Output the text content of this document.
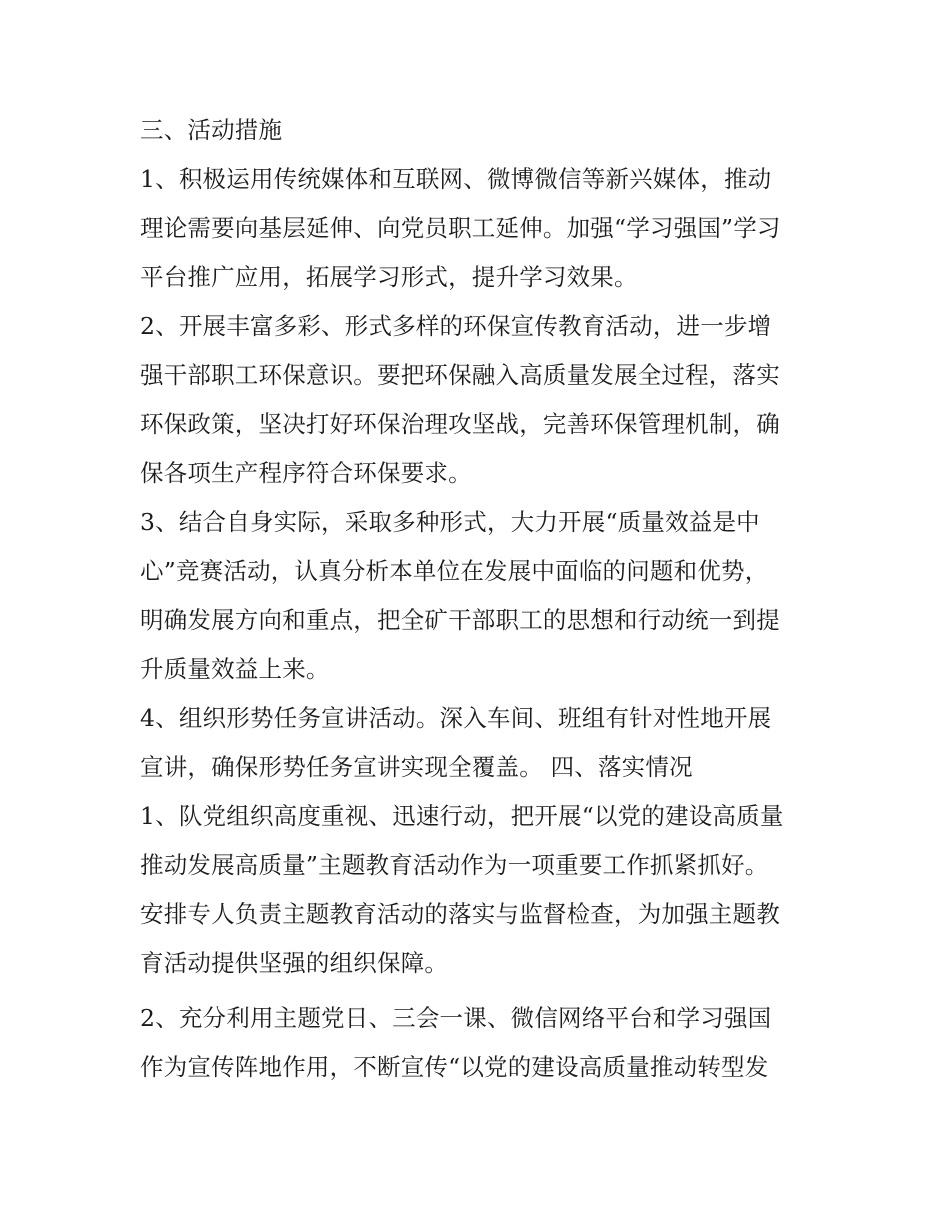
三、活动措施
1、积极运用传统媒体和互联网、微博微信等新兴媒体，推动
理论需要向基层延伸、向党员职工延伸。加强“学习强国”学习
平台推广应用，拓展学习形式，提升学习效果。
2、开展丰富多彩、形式多样的环保宣传教育活动，进一步增
强干部职工环保意识。要把环保融入高质量发展全过程，落实
环保政策，坚决打好环保治理攻坚战，完善环保管理机制，确
保各项生产程序符合环保要求。
3、结合自身实际，采取多种形式，大力开展“质量效益是中
心”竞赛活动，认真分析本单位在发展中面临的问题和优势，
明确发展方向和重点，把全矿干部职工的思想和行动统一到提
升质量效益上来。
4、组织形势任务宣讲活动。深入车间、班组有针对性地开展
宣讲，确保形势任务宣讲实现全覆盖。 四、落实情况
1、队党组织高度重视、迅速行动，把开展“以党的建设高质量
推动发展高质量”主题教育活动作为一项重要工作抓紧抓好。
安排专人负责主题教育活动的落实与监督检查，为加强主题教
育活动提供坚强的组织保障。
2、充分利用主题党日、三会一课、微信网络平台和学习强国
作为宣传阵地作用，不断宣传“以党的建设高质量推动转型发
